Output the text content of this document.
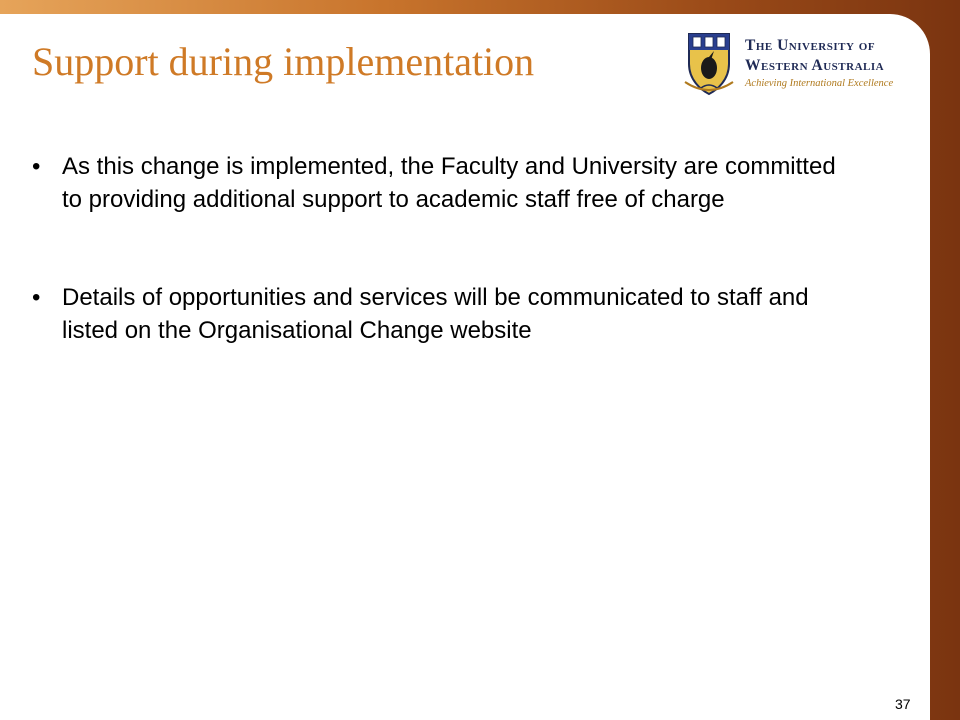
Support during implementation	The University of
Western Australia
Achieving International Excellence
• As this change is implemented, the Faculty and University are committed to providing additional support to academic staff free of charge
• Details of opportunities and services will be communicated to staff and listed on the Organisational Change website
37
